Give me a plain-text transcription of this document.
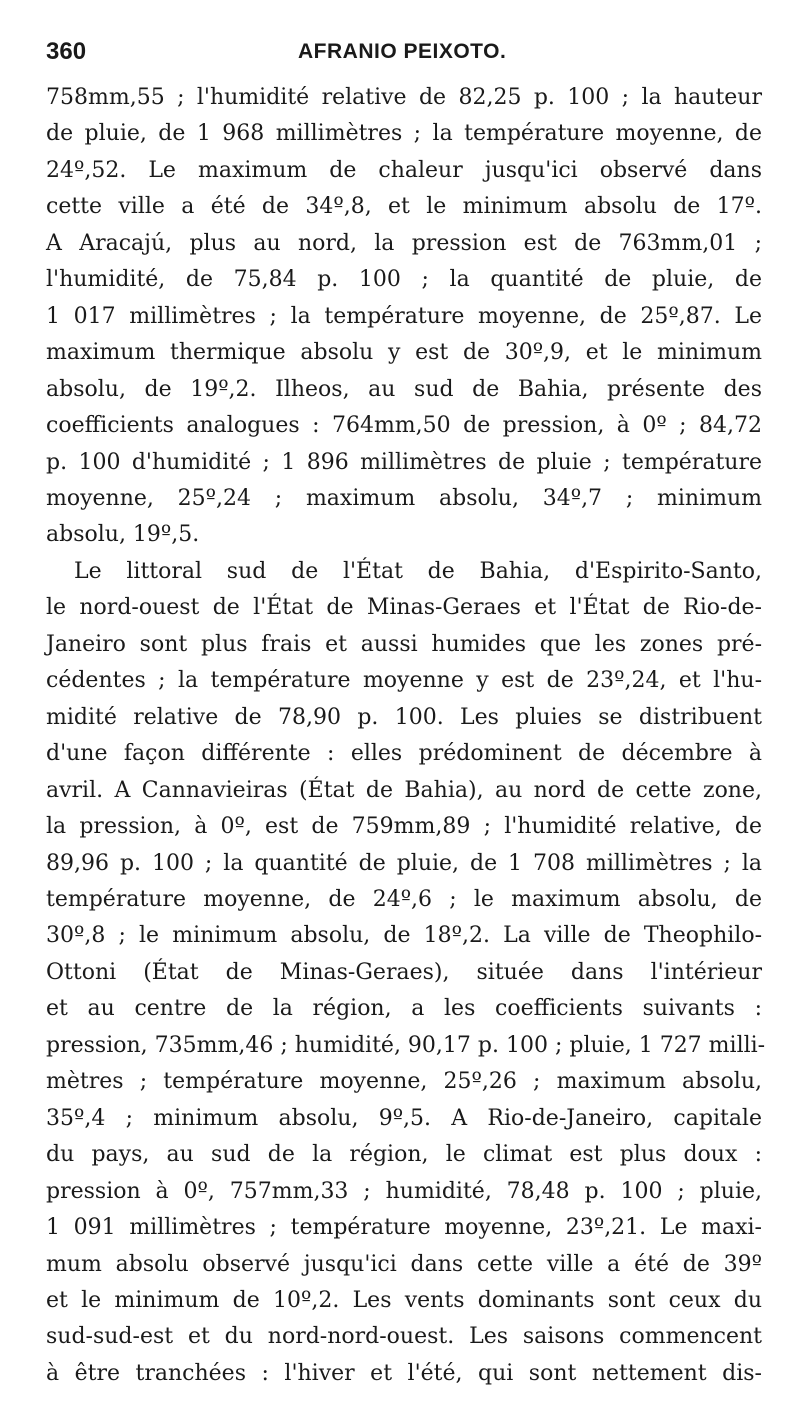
360	AFRANIO PEIXOTO.
758mm,55 ; l'humidité relative de 82,25 p. 100 ; la hauteur
de pluie, de 1 968 millimètres ; la température moyenne, de
24º,52. Le maximum de chaleur jusqu'ici observé dans
cette ville a été de 34º,8, et le minimum absolu de 17º.
A Aracajú, plus au nord, la pression est de 763mm,01 ;
l'humidité, de 75,84 p. 100 ; la quantité de pluie, de
1 017 millimètres ; la température moyenne, de 25º,87. Le
maximum thermique absolu y est de 30º,9, et le minimum
absolu, de 19º,2. Ilheos, au sud de Bahia, présente des
coefficients analogues : 764mm,50 de pression, à 0º ; 84,72
p. 100 d'humidité ; 1 896 millimètres de pluie ; température
moyenne, 25º,24 ; maximum absolu, 34º,7 ; minimum
absolu, 19º,5.
Le littoral sud de l'État de Bahia, d'Espirito-Santo,
le nord-ouest de l'État de Minas-Geraes et l'État de Rio-de-
Janeiro sont plus frais et aussi humides que les zones pré-
cédentes ; la température moyenne y est de 23º,24, et l'hu-
midité relative de 78,90 p. 100. Les pluies se distribuent
d'une façon différente : elles prédominent de décembre à
avril. A Cannavieiras (État de Bahia), au nord de cette zone,
la pression, à 0º, est de 759mm,89 ; l'humidité relative, de
89,96 p. 100 ; la quantité de pluie, de 1 708 millimètres ; la
température moyenne, de 24º,6 ; le maximum absolu, de
30º,8 ; le minimum absolu, de 18º,2. La ville de Theophilo-
Ottoni (État de Minas-Geraes), située dans l'intérieur
et au centre de la région, a les coefficients suivants :
pression, 735mm,46 ; humidité, 90,17 p. 100 ; pluie, 1 727 milli-
mètres ; température moyenne, 25º,26 ; maximum absolu,
35º,4 ; minimum absolu, 9º,5. A Rio-de-Janeiro, capitale
du pays, au sud de la région, le climat est plus doux :
pression à 0º, 757mm,33 ; humidité, 78,48 p. 100 ; pluie,
1 091 millimètres ; température moyenne, 23º,21. Le maxi-
mum absolu observé jusqu'ici dans cette ville a été de 39º
et le minimum de 10º,2. Les vents dominants sont ceux du
sud-sud-est et du nord-nord-ouest. Les saisons commencent
à être tranchées : l'hiver et l'été, qui sont nettement dis-
